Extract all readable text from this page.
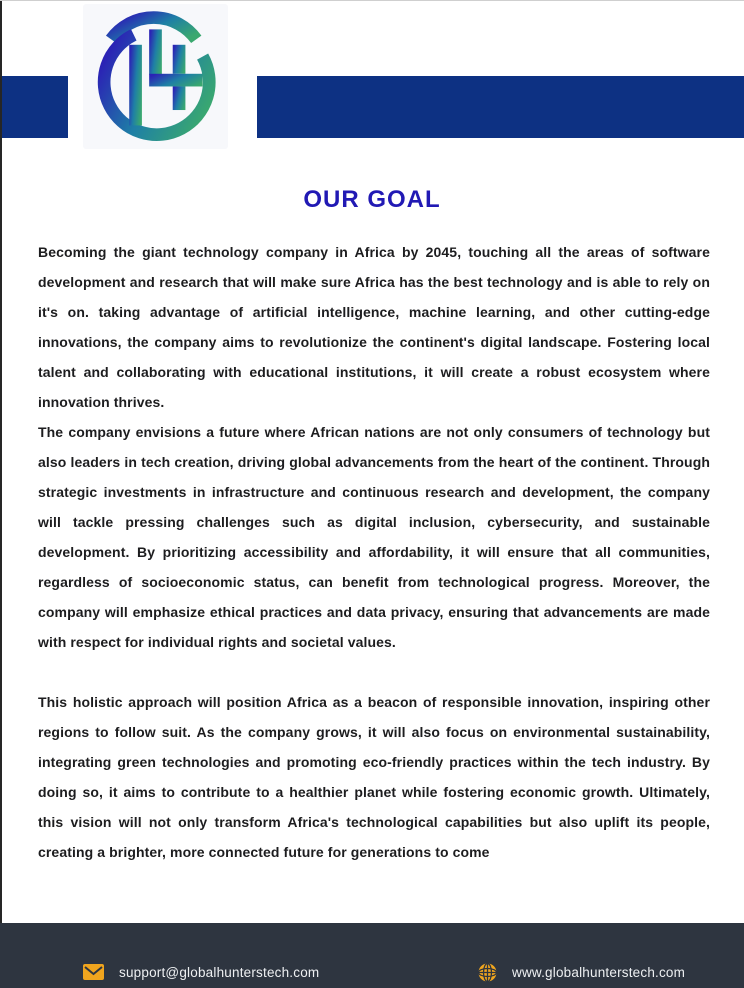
OUR GOAL

Becoming the giant technology company in Africa by 2045, touching all the areas of software development and research that will make sure Africa has the best technology and is able to rely on it's on. taking advantage of artificial intelligence, machine learning, and other cutting-edge innovations, the company aims to revolutionize the continent's digital landscape. Fostering local talent and collaborating with educational institutions, it will create a robust ecosystem where innovation thrives.

The company envisions a future where African nations are not only consumers of technology but also leaders in tech creation, driving global advancements from the heart of the continent. Through strategic investments in infrastructure and continuous research and development, the company will tackle pressing challenges such as digital inclusion, cybersecurity, and sustainable development. By prioritizing accessibility and affordability, it will ensure that all communities, regardless of socioeconomic status, can benefit from technological progress. Moreover, the company will emphasize ethical practices and data privacy, ensuring that advancements are made with respect for individual rights and societal values.

This holistic approach will position Africa as a beacon of responsible innovation, inspiring other regions to follow suit. As the company grows, it will also focus on environmental sustainability, integrating green technologies and promoting eco-friendly practices within the tech industry. By doing so, it aims to contribute to a healthier planet while fostering economic growth. Ultimately, this vision will not only transform Africa's technological capabilities but also uplift its people, creating a brighter, more connected future for generations to come

support@globalhunterstech.com	www.globalhunterstech.com
